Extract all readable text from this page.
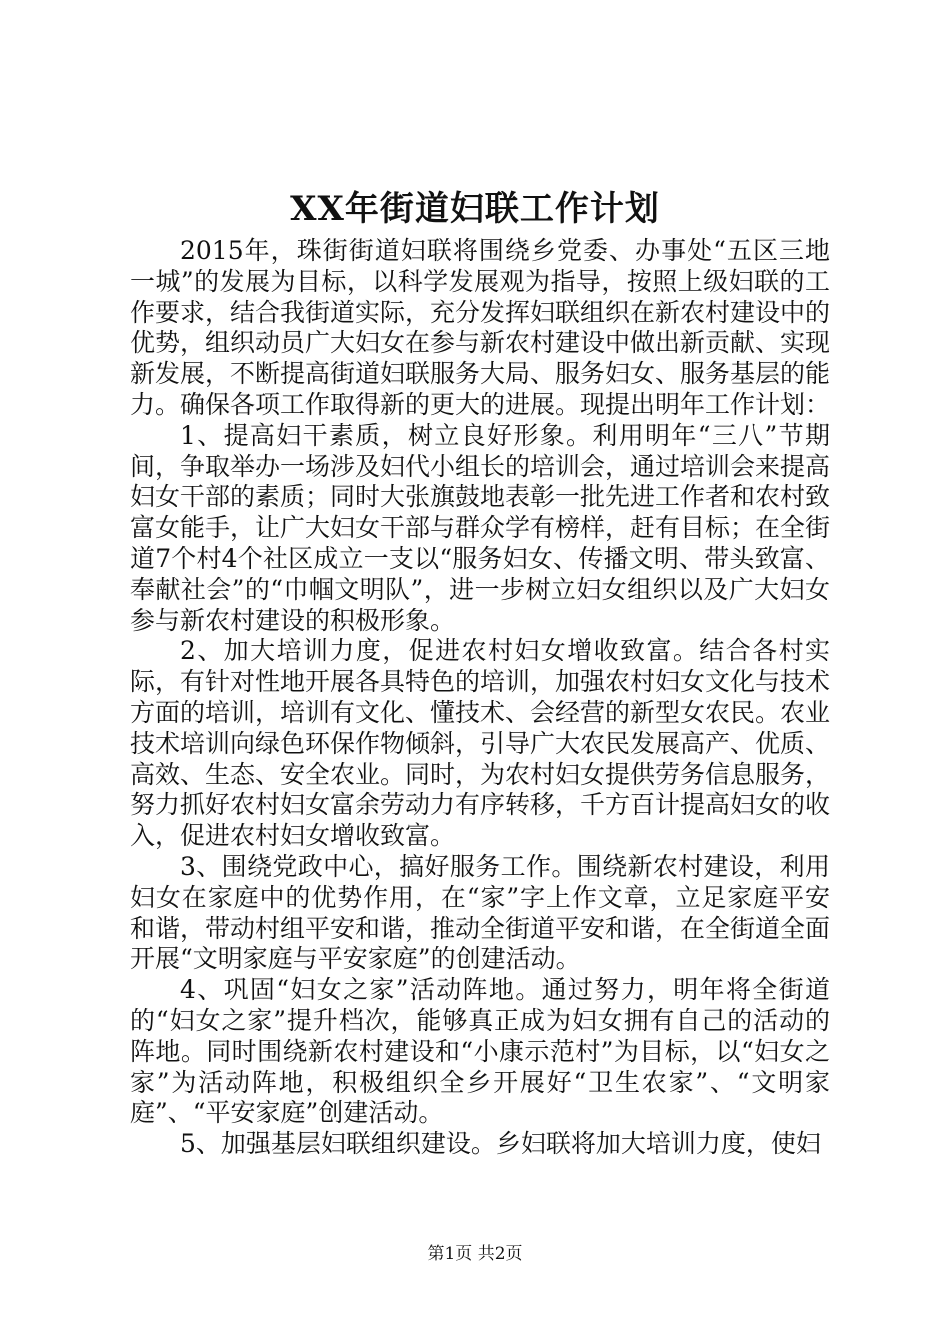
XX年街道妇联工作计划

2015年，珠街街道妇联将围绕乡党委、办事处“五区三地一城”的发展为目标，以科学发展观为指导，按照上级妇联的工作要求，结合我街道实际，充分发挥妇联组织在新农村建设中的优势，组织动员广大妇女在参与新农村建设中做出新贡献、实现新发展，不断提高街道妇联服务大局、服务妇女、服务基层的能力。确保各项工作取得新的更大的进展。现提出明年工作计划：

1、提高妇干素质，树立良好形象。利用明年“三八”节期间，争取举办一场涉及妇代小组长的培训会，通过培训会来提高妇女干部的素质；同时大张旗鼓地表彰一批先进工作者和农村致富女能手，让广大妇女干部与群众学有榜样，赶有目标；在全街道7个村4个社区成立一支以“服务妇女、传播文明、带头致富、奉献社会”的“巾帼文明队”，进一步树立妇女组织以及广大妇女参与新农村建设的积极形象。

2、加大培训力度，促进农村妇女增收致富。结合各村实际，有针对性地开展各具特色的培训，加强农村妇女文化与技术方面的培训，培训有文化、懂技术、会经营的新型女农民。农业技术培训向绿色环保作物倾斜，引导广大农民发展高产、优质、高效、生态、安全农业。同时，为农村妇女提供劳务信息服务，努力抓好农村妇女富余劳动力有序转移，千方百计提高妇女的收入，促进农村妇女增收致富。

3、围绕党政中心，搞好服务工作。围绕新农村建设，利用妇女在家庭中的优势作用，在“家”字上作文章，立足家庭平安和谐，带动村组平安和谐，推动全街道平安和谐，在全街道全面开展“文明家庭与平安家庭”的创建活动。

4、巩固“妇女之家”活动阵地。通过努力，明年将全街道的“妇女之家”提升档次，能够真正成为妇女拥有自己的活动的阵地。同时围绕新农村建设和“小康示范村”为目标，以“妇女之家”为活动阵地，积极组织全乡开展好“卫生农家”、“文明家庭”、“平安家庭”创建活动。

5、加强基层妇联组织建设。乡妇联将加大培训力度，使妇

第1页 共2页
